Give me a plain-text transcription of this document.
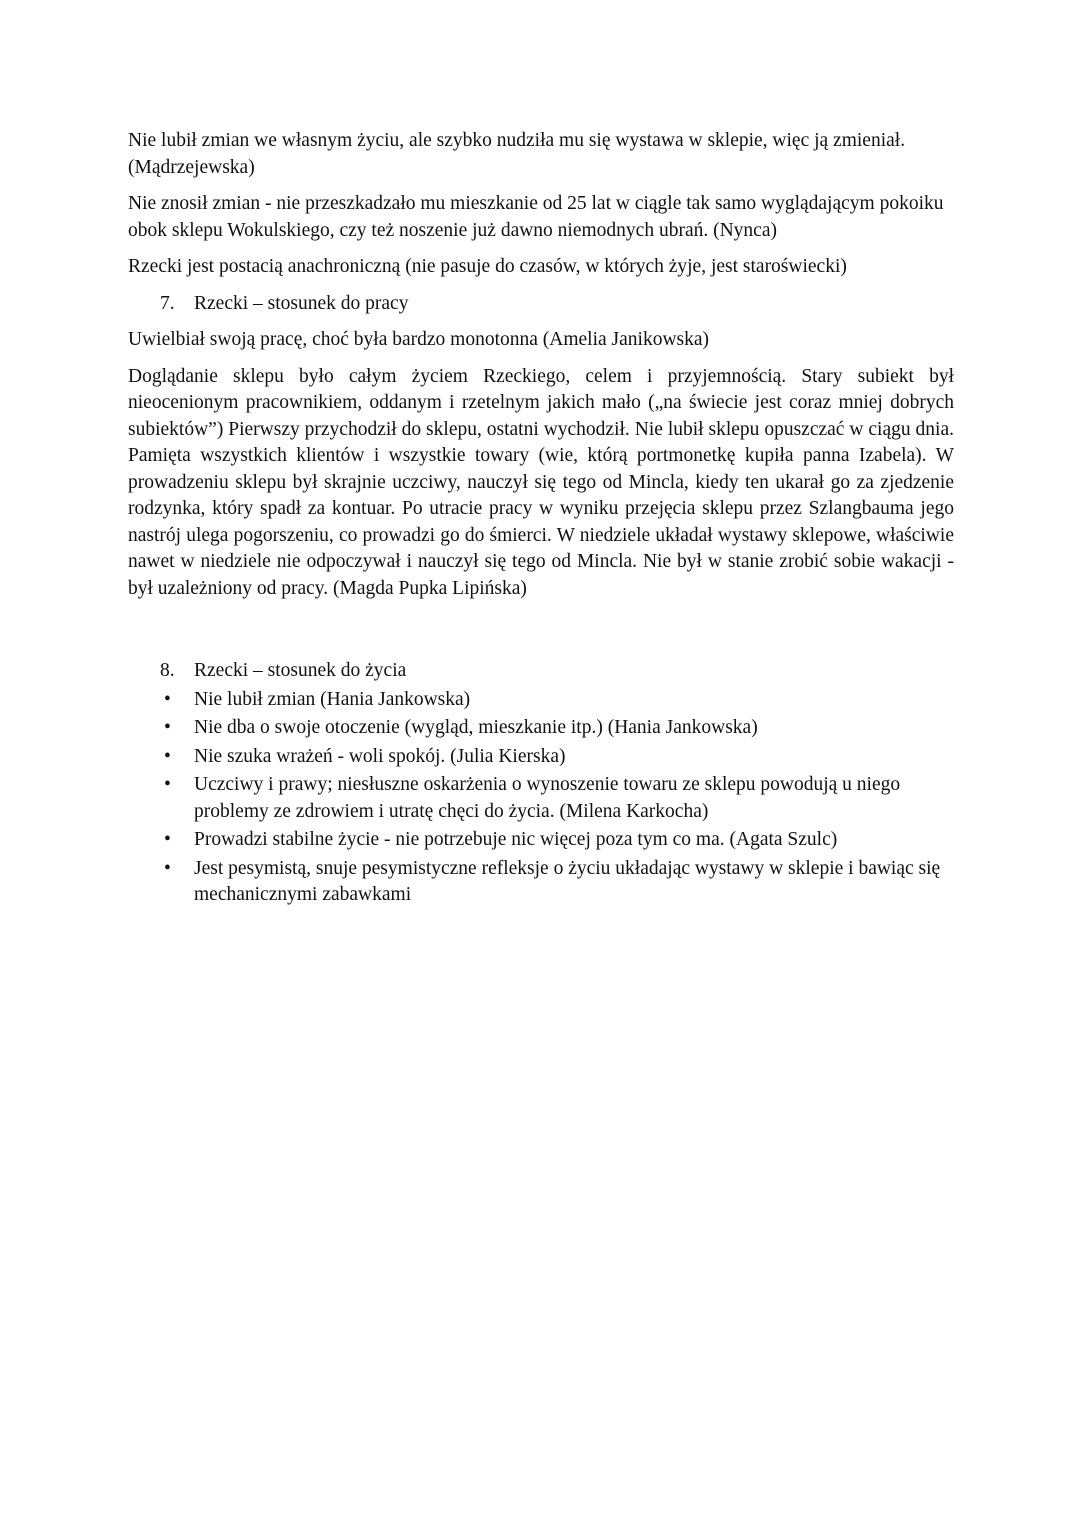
Nie lubił zmian we własnym życiu, ale szybko nudziła mu się wystawa w sklepie, więc ją zmieniał. (Mądrzejewska)

Nie znosił zmian - nie przeszkadzało mu mieszkanie od 25 lat w ciągle tak samo wyglądającym pokoiku obok sklepu Wokulskiego, czy też noszenie już dawno niemodnych ubrań. (Nynca)

Rzecki jest postacią anachroniczną (nie pasuje do czasów, w których żyje, jest staroświecki)

7. Rzecki – stosunek do pracy

Uwielbiał swoją pracę, choć była bardzo monotonna (Amelia Janikowska)

Doglądanie sklepu było całym życiem Rzeckiego, celem i przyjemnością. Stary subiekt był nieocenionym pracownikiem, oddanym i rzetelnym jakich mało („na świecie jest coraz mniej dobrych subiektów”) Pierwszy przychodził do sklepu, ostatni wychodził. Nie lubił sklepu opuszczać w ciągu dnia. Pamięta wszystkich klientów i wszystkie towary (wie, którą portmonetkę kupiła panna Izabela). W prowadzeniu sklepu był skrajnie uczciwy, nauczył się tego od Mincla, kiedy ten ukarał go za zjedzenie rodzynka, który spadł za kontuar. Po utracie pracy w wyniku przejęcia sklepu przez Szlangbauma jego nastrój ulega pogorszeniu, co prowadzi go do śmierci. W niedziele układał wystawy sklepowe, właściwie nawet w niedziele nie odpoczywał i nauczył się tego od Mincla. Nie był w stanie zrobić sobie wakacji - był uzależniony od pracy. (Magda Pupka Lipińska)

8. Rzecki – stosunek do życia
• Nie lubił zmian (Hania Jankowska)
• Nie dba o swoje otoczenie (wygląd, mieszkanie itp.) (Hania Jankowska)
• Nie szuka wrażeń - woli spokój. (Julia Kierska)
• Uczciwy i prawy; niesłuszne oskarżenia o wynoszenie towaru ze sklepu powodują u niego problemy ze zdrowiem i utratę chęci do życia. (Milena Karkocha)
• Prowadzi stabilne życie - nie potrzebuje nic więcej poza tym co ma. (Agata Szulc)
• Jest pesymistą, snuje pesymistyczne refleksje o życiu układając wystawy w sklepie i bawiąc się mechanicznymi zabawkami
